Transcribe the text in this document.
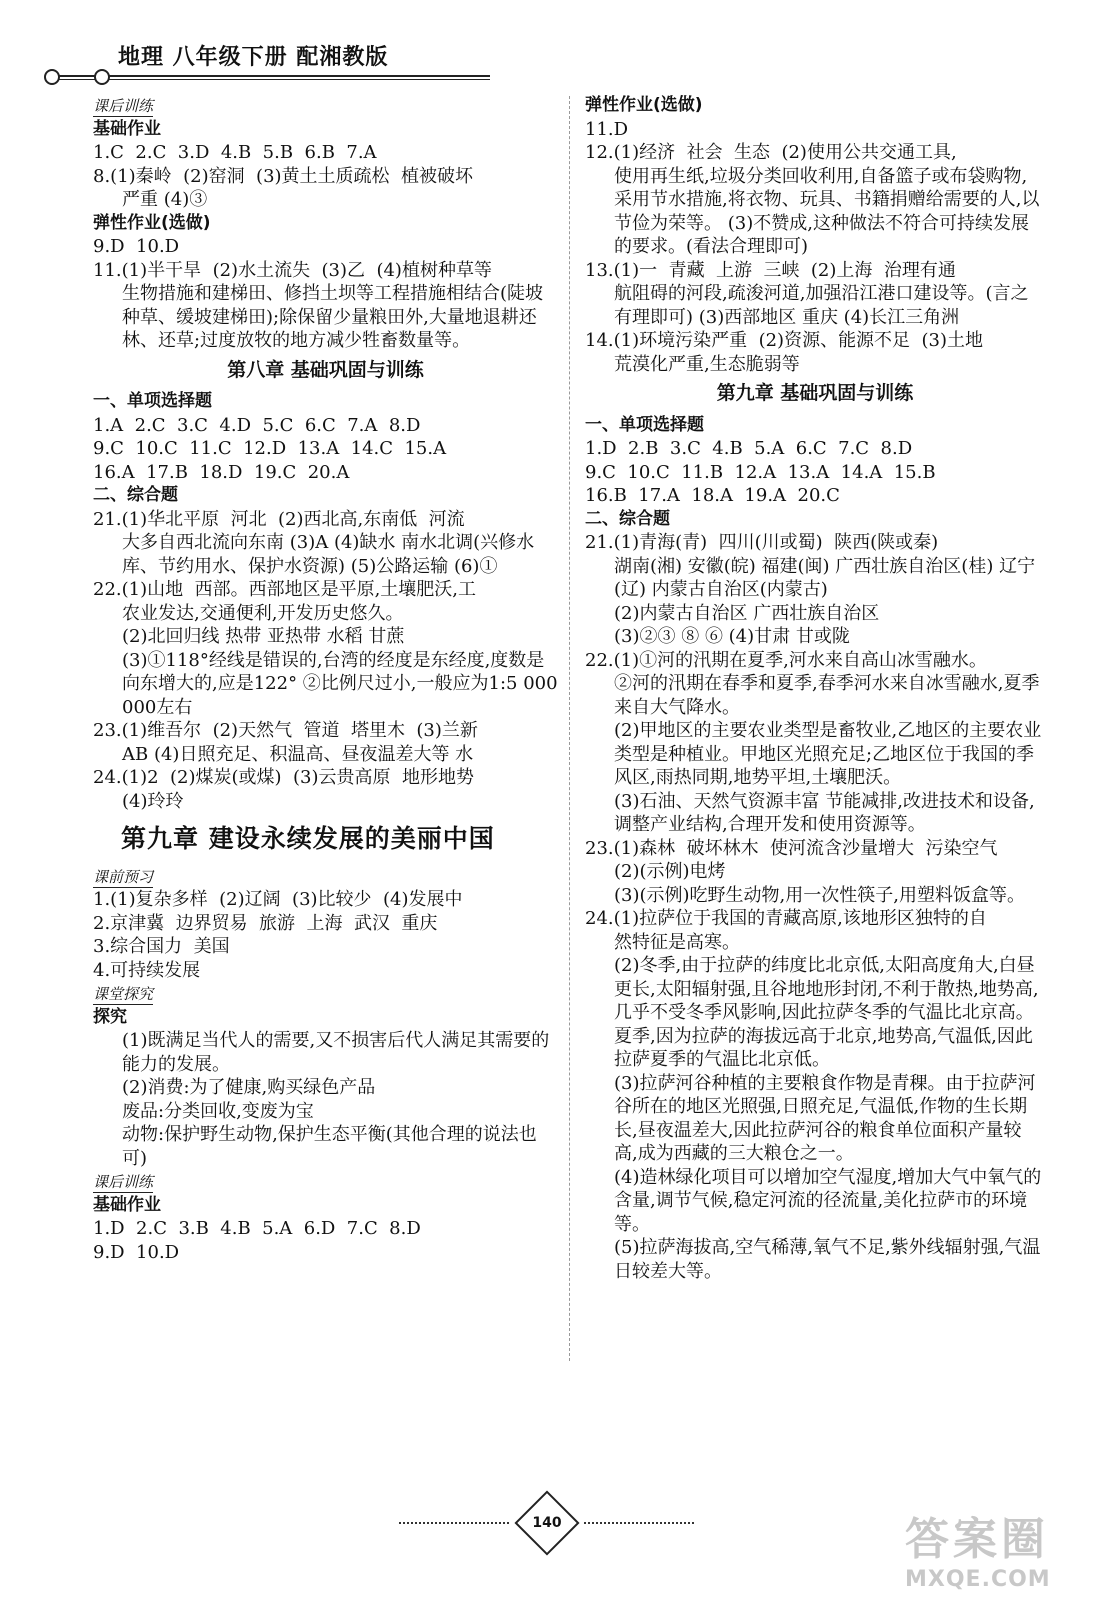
地理 八年级下册 配湘教版
课后训练
基础作业
1.C  2.C  3.D  4.B  5.B  6.B  7.A
8.(1)秦岭  (2)窑洞  (3)黄土土质疏松  植被破坏
严重 (4)③
弹性作业(选做)
9.D  10.D
11.(1)半干旱  (2)水土流失  (3)乙  (4)植树种草等
生物措施和建梯田、修挡土坝等工程措施相结合(陡坡种草、缓坡建梯田);除保留少量粮田外,大量地退耕还林、还草;过度放牧的地方减少牲畜数量等。
第八章 基础巩固与训练
一、单项选择题
1.A  2.C  3.C  4.D  5.C  6.C  7.A  8.D
9.C  10.C  11.C  12.D  13.A  14.C  15.A
16.A  17.B  18.D  19.C  20.A
二、综合题
21.(1)华北平原  河北  (2)西北高,东南低  河流
大多自西北流向东南 (3)A (4)缺水 南水北调(兴修水库、节约用水、保护水资源) (5)公路运输 (6)①
22.(1)山地  西部。西部地区是平原,土壤肥沃,工
农业发达,交通便利,开发历史悠久。
(2)北回归线 热带 亚热带 水稻 甘蔗
(3)①118°经线是错误的,台湾的经度是东经度,度数是向东增大的,应是122° ②比例尺过小,一般应为1:5 000 000左右
23.(1)维吾尔  (2)天然气  管道  塔里木  (3)兰新
AB (4)日照充足、积温高、昼夜温差大等 水
24.(1)2  (2)煤炭(或煤)  (3)云贵高原  地形地势
(4)玲玲
第九章 建设永续发展的美丽中国
课前预习
1.(1)复杂多样  (2)辽阔  (3)比较少  (4)发展中
2.京津冀  边界贸易  旅游  上海  武汉  重庆
3.综合国力  美国
4.可持续发展
课堂探究
探究
(1)既满足当代人的需要,又不损害后代人满足其需要的能力的发展。
(2)消费:为了健康,购买绿色产品
废品:分类回收,变废为宝
动物:保护野生动物,保护生态平衡(其他合理的说法也可)
课后训练
基础作业
1.D  2.C  3.B  4.B  5.A  6.D  7.C  8.D
9.D  10.D
弹性作业(选做)
11.D
12.(1)经济  社会  生态  (2)使用公共交通工具,
使用再生纸,垃圾分类回收利用,自备篮子或布袋购物,采用节水措施,将衣物、玩具、书籍捐赠给需要的人,以节俭为荣等。 (3)不赞成,这种做法不符合可持续发展的要求。(看法合理即可)
13.(1)一  青藏  上游  三峡  (2)上海  治理有通
航阻碍的河段,疏浚河道,加强沿江港口建设等。(言之有理即可) (3)西部地区 重庆 (4)长江三角洲
14.(1)环境污染严重  (2)资源、能源不足  (3)土地
荒漠化严重,生态脆弱等
第九章 基础巩固与训练
一、单项选择题
1.D  2.B  3.C  4.B  5.A  6.C  7.C  8.D
9.C  10.C  11.B  12.A  13.A  14.A  15.B
16.B  17.A  18.A  19.A  20.C
二、综合题
21.(1)青海(青)  四川(川或蜀)  陕西(陕或秦)
湖南(湘) 安徽(皖) 福建(闽) 广西壮族自治区(桂) 辽宁(辽) 内蒙古自治区(内蒙古)
(2)内蒙古自治区 广西壮族自治区
(3)②③ ⑧ ⑥ (4)甘肃 甘或陇
22.(1)①河的汛期在夏季,河水来自高山冰雪融水。
②河的汛期在春季和夏季,春季河水来自冰雪融水,夏季来自大气降水。
(2)甲地区的主要农业类型是畜牧业,乙地区的主要农业类型是种植业。甲地区光照充足;乙地区位于我国的季风区,雨热同期,地势平坦,土壤肥沃。
(3)石油、天然气资源丰富 节能减排,改进技术和设备,调整产业结构,合理开发和使用资源等。
23.(1)森林  破坏林木  使河流含沙量增大  污染空气
(2)(示例)电烤
(3)(示例)吃野生动物,用一次性筷子,用塑料饭盒等。
24.(1)拉萨位于我国的青藏高原,该地形区独特的自
然特征是高寒。
(2)冬季,由于拉萨的纬度比北京低,太阳高度角大,白昼更长,太阳辐射强,且谷地地形封闭,不利于散热,地势高,几乎不受冬季风影响,因此拉萨冬季的气温比北京高。夏季,因为拉萨的海拔远高于北京,地势高,气温低,因此拉萨夏季的气温比北京低。
(3)拉萨河谷种植的主要粮食作物是青稞。由于拉萨河谷所在的地区光照强,日照充足,气温低,作物的生长期长,昼夜温差大,因此拉萨河谷的粮食单位面积产量较高,成为西藏的三大粮仓之一。
(4)造林绿化项目可以增加空气湿度,增加大气中氧气的含量,调节气候,稳定河流的径流量,美化拉萨市的环境等。
(5)拉萨海拔高,空气稀薄,氧气不足,紫外线辐射强,气温日较差大等。

140
	答案圈
MXQE.COM
